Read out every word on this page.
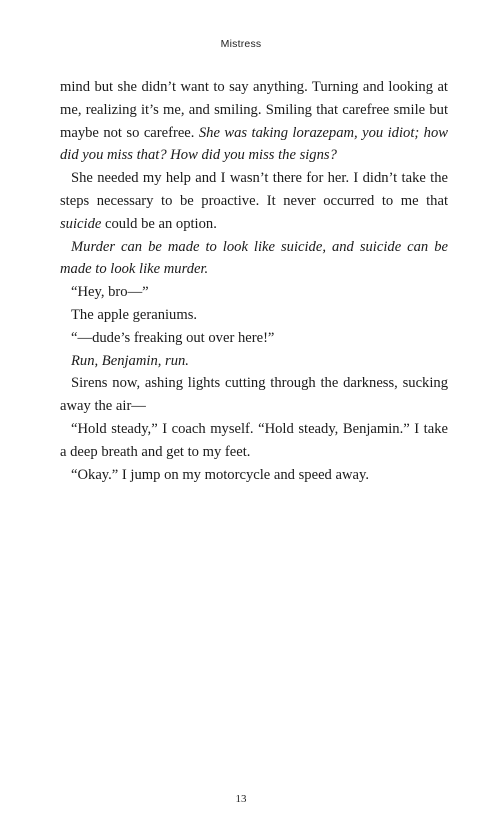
Mistress

mind but she didn’t want to say anything. Turning and looking at me, realizing it’s me, and smiling. Smiling that carefree smile but maybe not so carefree. She was taking lorazepam, you idiot; how did you miss that? How did you miss the signs?

She needed my help and I wasn’t there for her. I didn’t take the steps necessary to be proactive. It never occurred to me that suicide could be an option.

Murder can be made to look like suicide, and suicide can be made to look like murder.

“Hey, bro—”

The apple geraniums.

“—dude’s freaking out over here!”

Run, Benjamin, run.

Sirens now, ashing lights cutting through the darkness, sucking away the air—

“Hold steady,” I coach myself. “Hold steady, Benjamin.” I take a deep breath and get to my feet.

“Okay.” I jump on my motorcycle and speed away.

13
